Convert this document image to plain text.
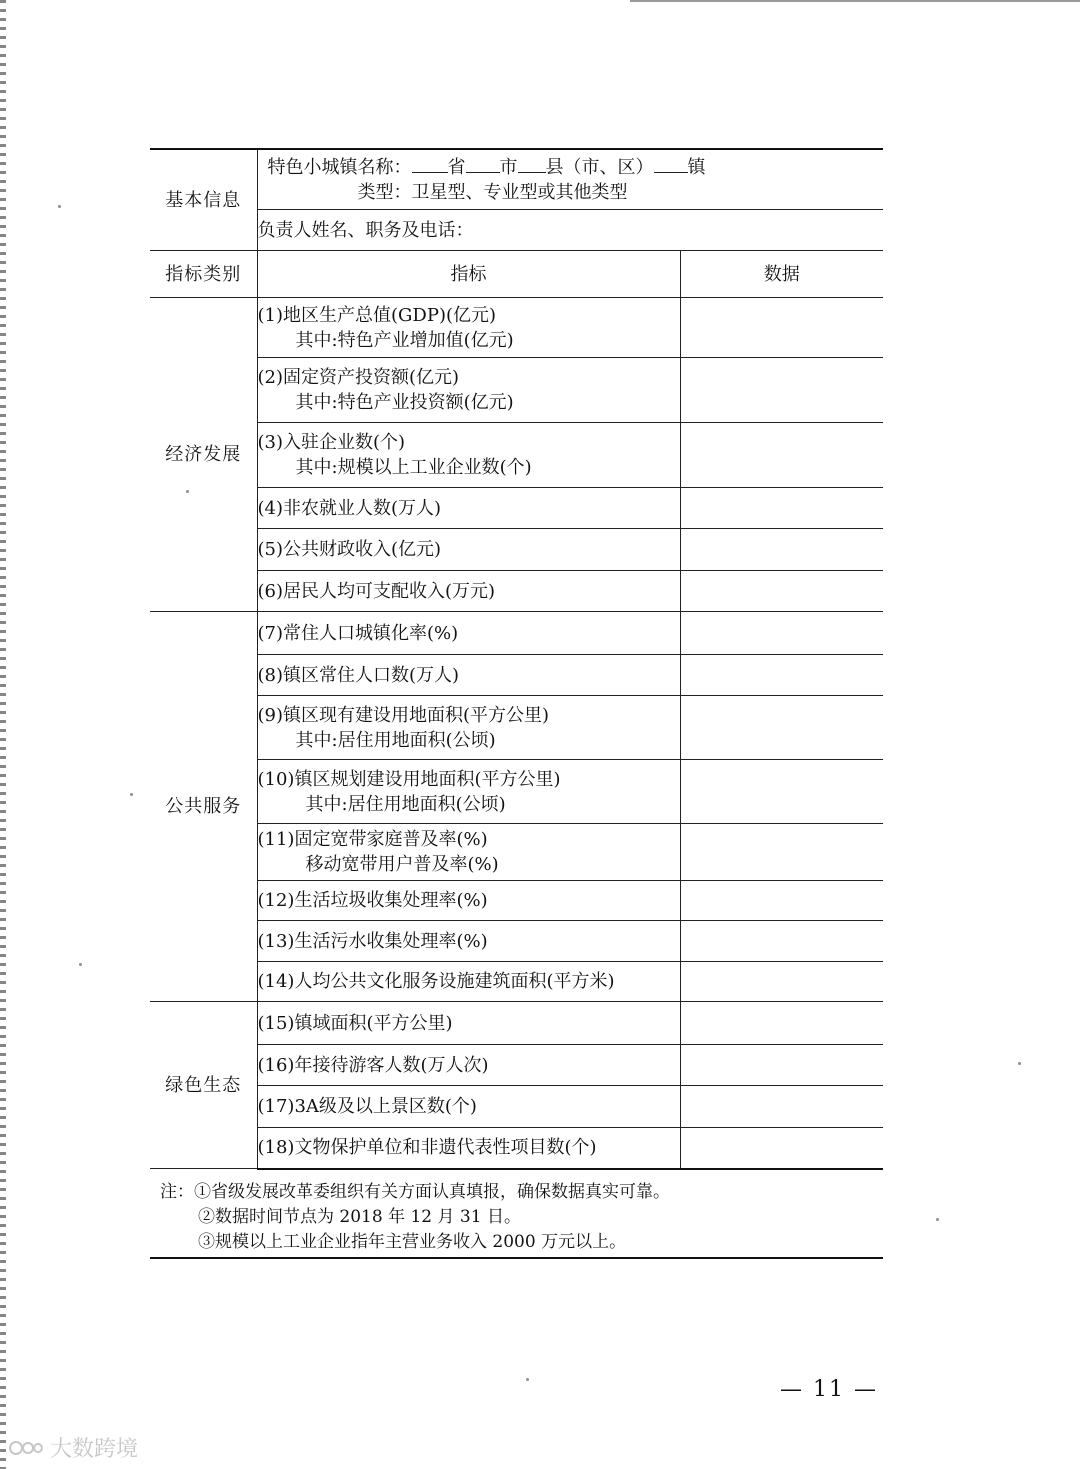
基本信息	特色小城镇名称： 省 市 县（市、区） 镇
类型：卫星型、专业型或其他类型	

	负责人姓名、职务及电话：	
指标类别	指标	数据
经济发展	(1)地区生产总值(GDP)(亿元)
其中:特色产业增加值(亿元)	

	(2)固定资产投资额(亿元)
其中:特色产业投资额(亿元)	

	(3)入驻企业数(个)
其中:规模以上工业企业数(个)	

	(4)非农就业人数(万人)	
	(5)公共财政收入(亿元)	
	(6)居民人均可支配收入(万元)	
公共服务	(7)常住人口城镇化率(%)	
	(8)镇区常住人口数(万人)	
	(9)镇区现有建设用地面积(平方公里)
其中:居住用地面积(公顷)	

	(10)镇区规划建设用地面积(平方公里)
其中:居住用地面积(公顷)	

	(11)固定宽带家庭普及率(%)
移动宽带用户普及率(%)	

	(12)生活垃圾收集处理率(%)	
	(13)生活污水收集处理率(%)	
	(14)人均公共文化服务设施建筑面积(平方米)	
绿色生态	(15)镇域面积(平方公里)	
	(16)年接待游客人数(万人次)	
	(17)3A级及以上景区数(个)	
	(18)文物保护单位和非遗代表性项目数(个)	
注：①省级发展改革委组织有关方面认真填报，确保数据真实可靠。
②数据时间节点为 2018 年 12 月 31 日。
③规模以上工业企业指年主营业务收入 2000 万元以上。
— 11 —
大数跨境
